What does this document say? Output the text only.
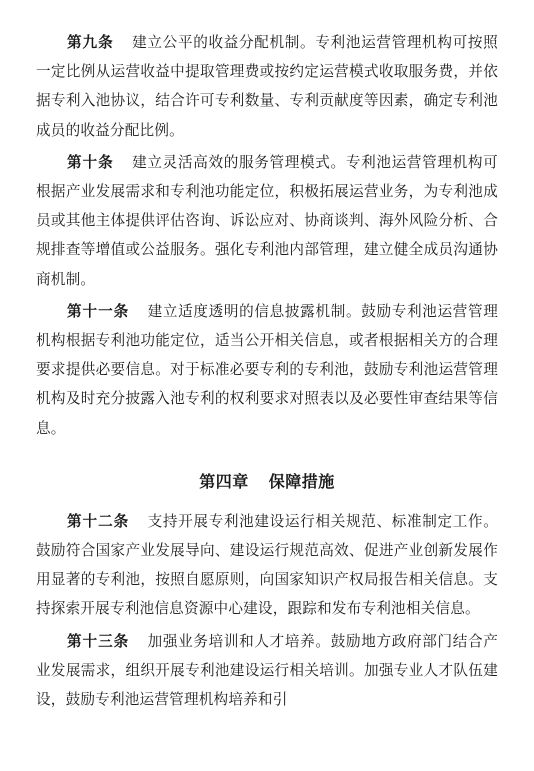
第九条 建立公平的收益分配机制。专利池运营管理机构可按照一定比例从运营收益中提取管理费或按约定运营模式收取服务费，并依据专利入池协议，结合许可专利数量、专利贡献度等因素，确定专利池成员的收益分配比例。

第十条 建立灵活高效的服务管理模式。专利池运营管理机构可根据产业发展需求和专利池功能定位，积极拓展运营业务，为专利池成员或其他主体提供评估咨询、诉讼应对、协商谈判、海外风险分析、合规排查等增值或公益服务。强化专利池内部管理，建立健全成员沟通协商机制。

第十一条 建立适度透明的信息披露机制。鼓励专利池运营管理机构根据专利池功能定位，适当公开相关信息，或者根据相关方的合理要求提供必要信息。对于标准必要专利的专利池，鼓励专利池运营管理机构及时充分披露入池专利的权利要求对照表以及必要性审查结果等信息。

第四章 保障措施

第十二条 支持开展专利池建设运行相关规范、标准制定工作。鼓励符合国家产业发展导向、建设运行规范高效、促进产业创新发展作用显著的专利池，按照自愿原则，向国家知识产权局报告相关信息。支持探索开展专利池信息资源中心建设，跟踪和发布专利池相关信息。

第十三条 加强业务培训和人才培养。鼓励地方政府部门结合产业发展需求，组织开展专利池建设运行相关培训。加强专业人才队伍建设，鼓励专利池运营管理机构培养和引
